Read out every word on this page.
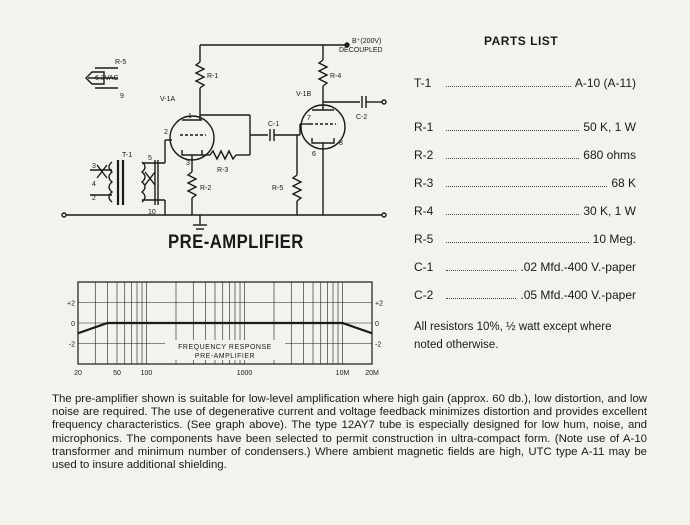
B⁺(200V)
DECOUPLED
R-5
6.3VAC
V-1A
V-1B
R-1	R-4
R-2
R-3
R-5
C-1
C-2
T-1
2
3
1	7
8
6
5
3
2
10
4
9
PRE-AMPLIFIER
PARTS LIST
T-1	A-10 (A-11)
R-1	50 K, 1 W
R-2	680 ohms
R-3	68 K
R-4	30 K, 1 W
R-5	10 Meg.
C-1	.02 Mfd.-400 V.-paper
C-2	.05 Mfd.-400 V.-paper
All resistors 10%, ½ watt except where noted otherwise.
+2	+2
0	0
-2	-2
20	50	100	1000	10M 20M
FREQUENCY RESPONSE
PRE-AMPLIFIER
The pre-amplifier shown is suitable for low-level amplification where high gain (approx. 60 db.), low distortion, and low noise are required. The use of degenerative current and voltage feedback minimizes distortion and provides excellent frequency characteristics. (See graph above). The type 12AY7 tube is especially designed for low hum, noise, and microphonics. The components have been selected to permit construction in ultra-compact form. (Note use of A-10 transformer and minimum number of condensers.) Where ambient magnetic fields are high, UTC type A-11 may be used to insure additional shielding.
